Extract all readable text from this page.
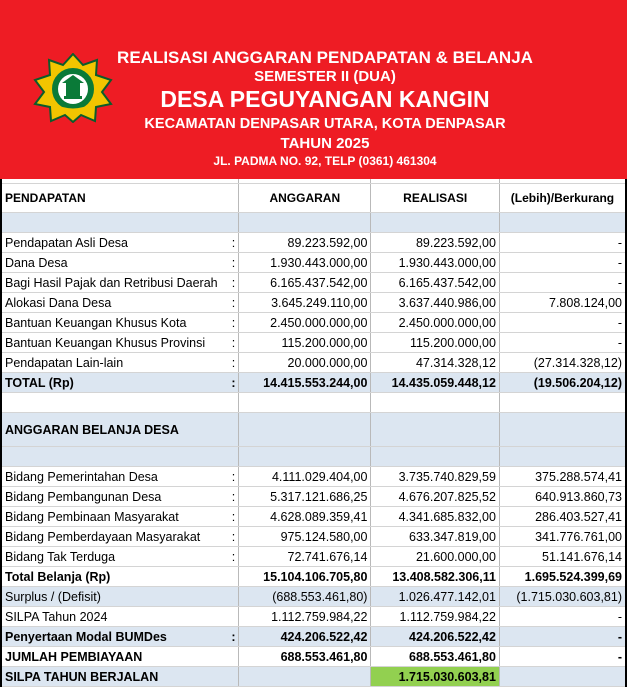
REALISASI ANGGARAN PENDAPATAN & BELANJA
SEMESTER II (DUA)
DESA PEGUYANGAN KANGIN
KECAMATAN DENPASAR UTARA, KOTA DENPASAR
TAHUN 2025
JL. PADMA NO. 92, TELP (0361) 461304

PENDAPATAN		ANGGARAN	REALISASI	(Lebih)/Berkurang

Pendapatan Asli Desa	:	89.223.592,00	89.223.592,00	-
Dana Desa	:	1.930.443.000,00	1.930.443.000,00	-
Bagi Hasil Pajak dan Retribusi Daerah	:	6.165.437.542,00	6.165.437.542,00	-
Alokasi Dana Desa	:	3.645.249.110,00	3.637.440.986,00	7.808.124,00
Bantuan Keuangan Khusus Kota	:	2.450.000.000,00	2.450.000.000,00	-
Bantuan Keuangan Khusus Provinsi	:	115.200.000,00	115.200.000,00	-
Pendapatan Lain-lain	:	20.000.000,00	47.314.328,12	(27.314.328,12)
TOTAL (Rp)	:	14.415.553.244,00	14.435.059.448,12	(19.506.204,12)

ANGGARAN BELANJA DESA				

Bidang Pemerintahan Desa	:	4.111.029.404,00	3.735.740.829,59	375.288.574,41
Bidang Pembangunan Desa	:	5.317.121.686,25	4.676.207.825,52	640.913.860,73
Bidang Pembinaan Masyarakat	:	4.628.089.359,41	4.341.685.832,00	286.403.527,41
Bidang Pemberdayaan Masyarakat	:	975.124.580,00	633.347.819,00	341.776.761,00
Bidang Tak Terduga	:	72.741.676,14	21.600.000,00	51.141.676,14
Total Belanja (Rp)		15.104.106.705,80	13.408.582.306,11	1.695.524.399,69
Surplus / (Defisit)		(688.553.461,80)	1.026.477.142,01	(1.715.030.603,81)
SILPA Tahun 2024		1.112.759.984,22	1.112.759.984,22	-
Penyertaan Modal BUMDes	:	424.206.522,42	424.206.522,42	-
JUMLAH PEMBIAYAAN		688.553.461,80	688.553.461,80	-
SILPA TAHUN BERJALAN			1.715.030.603,81	
